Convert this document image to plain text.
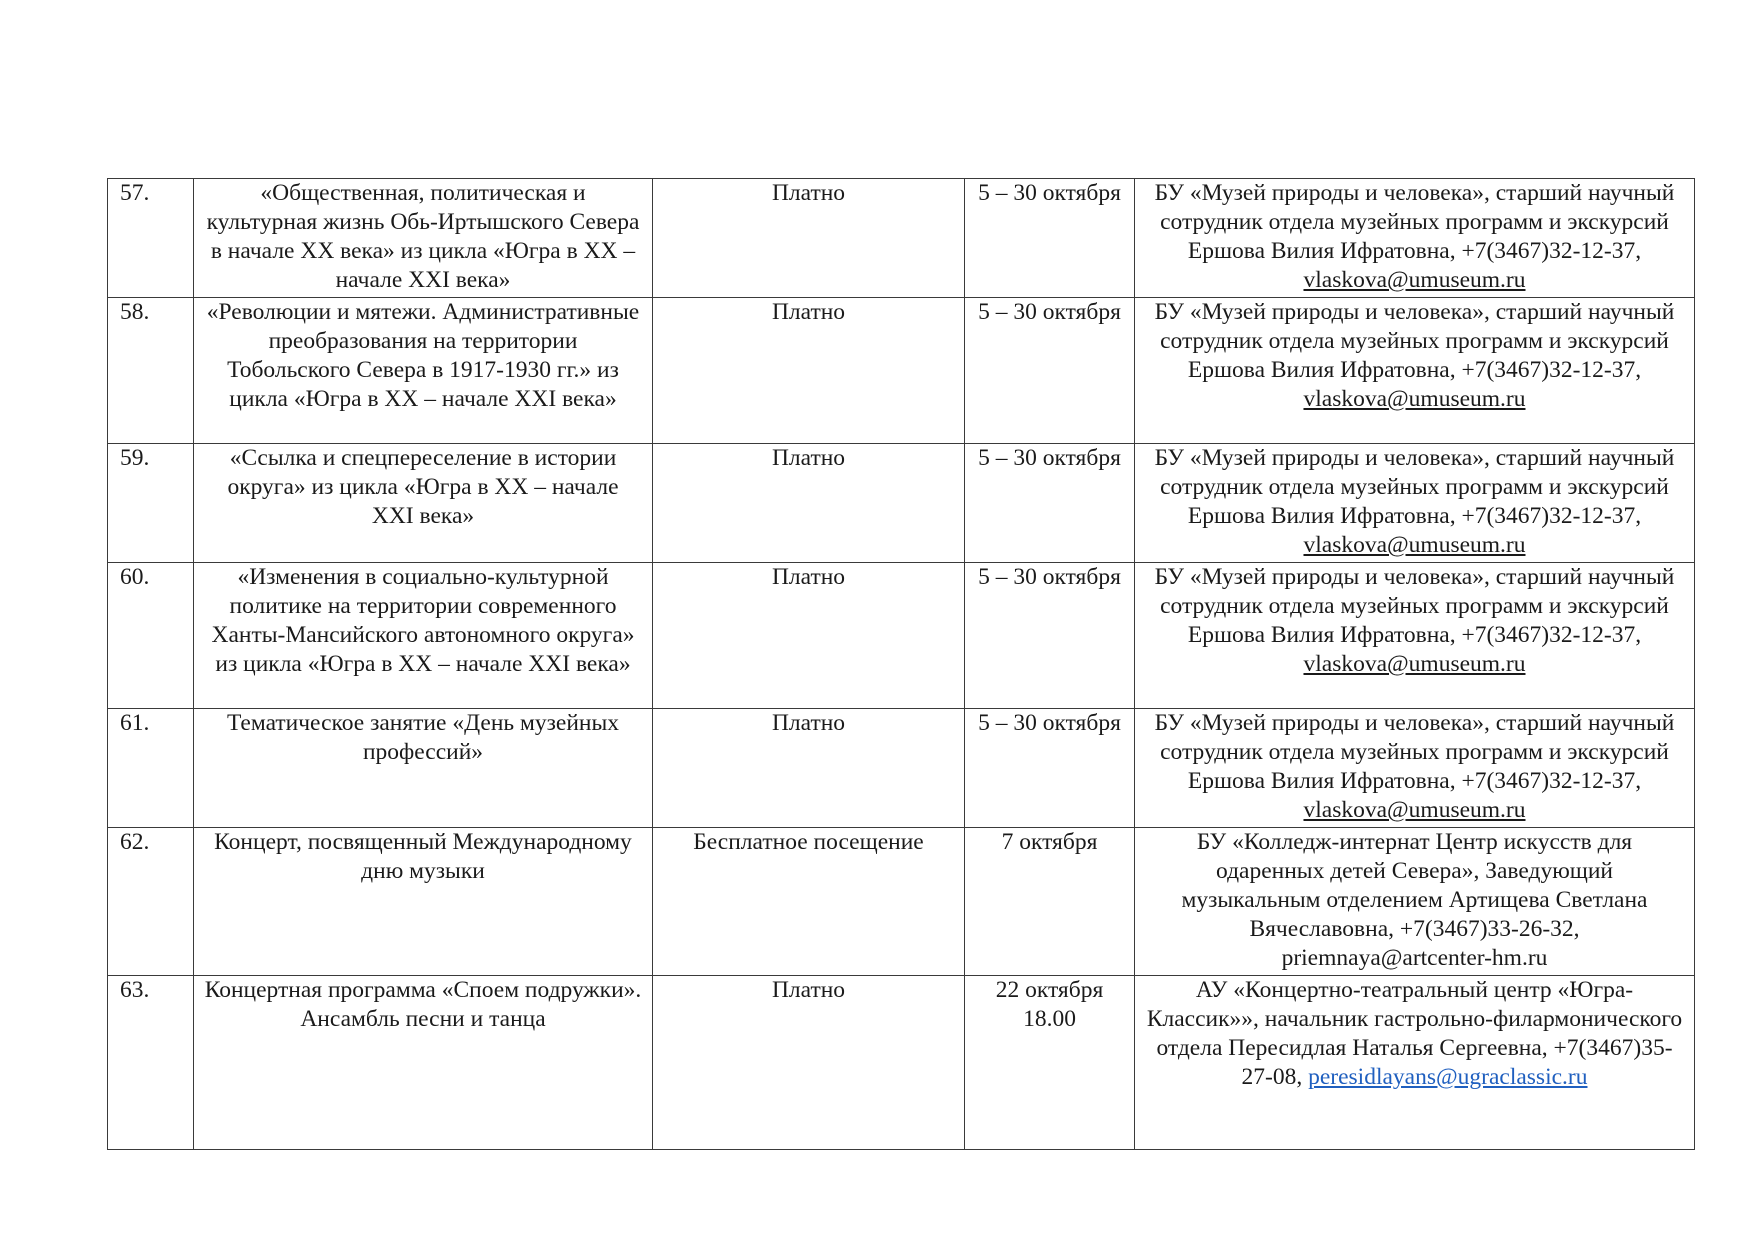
57.	«Общественная, политическая и культурная жизнь Обь-Иртышского Севера в начале XX века» из цикла «Югра в XX – начале XXI века»	Платно	5 – 30 октября	БУ «Музей природы и человека», старший научный сотрудник отдела музейных программ и экскурсий Ершова Вилия Ифратовна, +7(3467)32-12-37, vlaskova@umuseum.ru
58.	«Революции и мятежи. Административные преобразования на территории Тобольского Севера в 1917-1930 гг.» из цикла «Югра в XX – начале XXI века»	Платно	5 – 30 октября	БУ «Музей природы и человека», старший научный сотрудник отдела музейных программ и экскурсий Ершова Вилия Ифратовна, +7(3467)32-12-37, vlaskova@umuseum.ru
59.	«Ссылка и спецпереселение в истории округа» из цикла «Югра в XX – начале XXI века»	Платно	5 – 30 октября	БУ «Музей природы и человека», старший научный сотрудник отдела музейных программ и экскурсий Ершова Вилия Ифратовна, +7(3467)32-12-37, vlaskova@umuseum.ru
60.	«Изменения в социально-культурной политике на территории современного Ханты-Мансийского автономного округа» из цикла «Югра в XX – начале XXI века»	Платно	5 – 30 октября	БУ «Музей природы и человека», старший научный сотрудник отдела музейных программ и экскурсий Ершова Вилия Ифратовна, +7(3467)32-12-37, vlaskova@umuseum.ru
61.	Тематическое занятие «День музейных профессий»	Платно	5 – 30 октября	БУ «Музей природы и человека», старший научный сотрудник отдела музейных программ и экскурсий Ершова Вилия Ифратовна, +7(3467)32-12-37, vlaskova@umuseum.ru
62.	Концерт, посвященный Международному дню музыки	Бесплатное посещение	7 октября	БУ «Колледж-интернат Центр искусств для одаренных детей Севера», Заведующий музыкальным отделением Артищева Светлана Вячеславовна, +7(3467)33-26-32, priemnaya@artcenter-hm.ru
63.	Концертная программа «Споем подружки». Ансамбль песни и танца	Платно	22 октября 18.00	АУ «Концертно-театральный центр «Югра-Классик»», начальник гастрольно-филармонического отдела Пересидлая Наталья Сергеевна, +7(3467)35-27-08, peresidlayans@ugraclassic.ru
